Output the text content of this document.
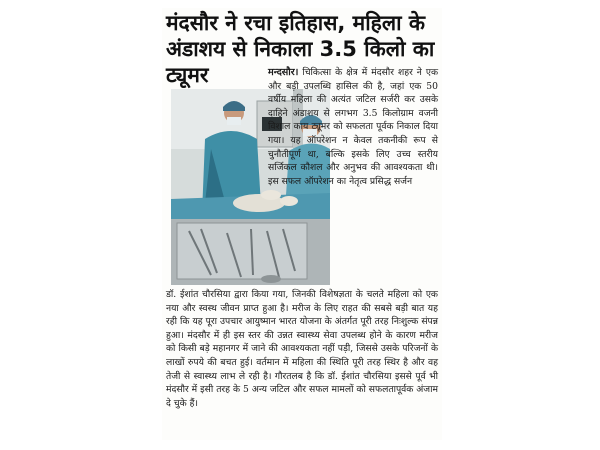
मंदसौर ने रचा इतिहास, महिला के अंडाशय से निकाला 3.5 किलो का ट्यूमर	मन्दसौर। चिकित्सा के क्षेत्र में मंदसौर शहर ने एक और बड़ी उपलब्धि हासिल की है, जहां एक 50 वर्षीय महिला की अत्यंत जटिल सर्जरी कर उसके दाहिने अंडाशय से लगभग 3.5 किलोग्राम वजनी विशाल काय ट्यूमर को सफलता पूर्वक निकाल दिया गया। यह ऑपरेशन न केवल तकनीकी रूप से चुनौतीपूर्ण था, बल्कि इसके लिए उच्च स्तरीय सर्जिकल कौशल और अनुभव की आवश्यकता थी। इस सफल ऑपरेशन का नेतृत्व प्रसिद्ध सर्जन

डॉ. ईशांत चौरसिया द्वारा किया गया, जिनकी विशेषज्ञता के चलते महिला को एक नया और स्वस्थ जीवन प्राप्त हुआ है। मरीज के लिए राहत की सबसे बड़ी बात यह रही कि यह पूरा उपचार आयुष्मान भारत योजना के अंतर्गत पूरी तरह निःशुल्क संपन्न हुआ। मंदसौर में ही इस स्तर की उन्नत स्वास्थ्य सेवा उपलब्ध होने के कारण मरीज को किसी बड़े महानगर में जाने की आवश्यकता नहीं पड़ी, जिससे उसके परिजनों के लाखों रुपये की बचत हुई। वर्तमान में महिला की स्थिति पूरी तरह स्थिर है और वह तेजी से स्वास्थ्य लाभ ले रही है। गौरतलब है कि डॉ. ईशांत चौरसिया इससे पूर्व भी मंदसौर में इसी तरह के 5 अन्य जटिल और सफल मामलों को सफलतापूर्वक अंजाम दे चुके हैं।
